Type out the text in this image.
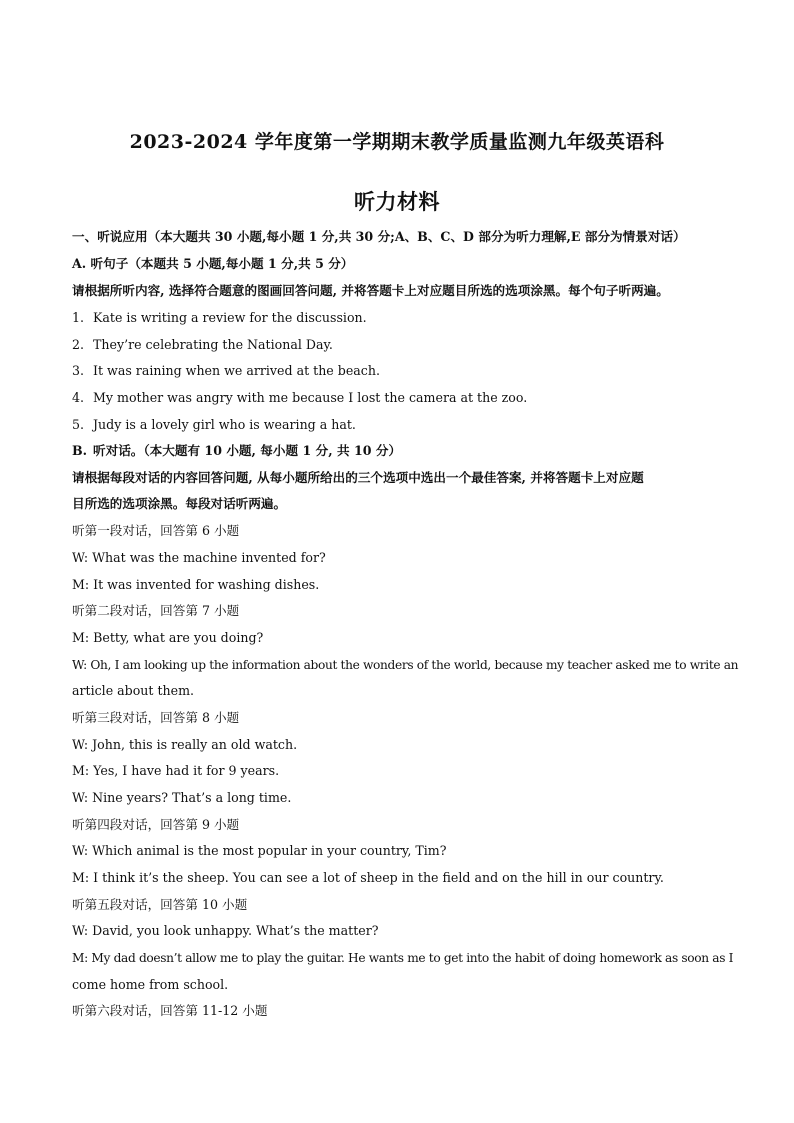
2023-2024 学年度第一学期期末教学质量监测九年级英语科
听力材料
一、听说应用（本大题共 30 小题,每小题 1 分,共 30 分;A、B、C、D 部分为听力理解,E 部分为情景对话）
A. 听句子（本题共 5 小题,每小题 1 分,共 5 分）
请根据所听内容, 选择符合题意的图画回答问题, 并将答题卡上对应题目所选的选项涂黑。每个句子听两遍。
1. Kate is writing a review for the discussion.
2. They’re celebrating the National Day.
3. It was raining when we arrived at the beach.
4. My mother was angry with me because I lost the camera at the zoo.
5. Judy is a lovely girl who is wearing a hat.
B. 听对话。（本大题有 10 小题, 每小题 1 分, 共 10 分）
请根据每段对话的内容回答问题, 从每小题所给出的三个选项中选出一个最佳答案, 并将答题卡上对应题
目所选的选项涂黑。每段对话听两遍。
听第一段对话，回答第 6 小题
W: What was the machine invented for?
M: It was invented for washing dishes.
听第二段对话，回答第 7 小题
M: Betty, what are you doing?
W: Oh, I am looking up the information about the wonders of the world, because my teacher asked me to write an
article about them.
听第三段对话，回答第 8 小题
W: John, this is really an old watch.
M: Yes, I have had it for 9 years.
W: Nine years? That’s a long time.
听第四段对话，回答第 9 小题
W: Which animal is the most popular in your country, Tim?
M: I think it’s the sheep. You can see a lot of sheep in the field and on the hill in our country.
听第五段对话，回答第 10 小题
W: David, you look unhappy. What’s the matter?
M: My dad doesn’t allow me to play the guitar. He wants me to get into the habit of doing homework as soon as I
come home from school.
听第六段对话，回答第 11-12 小题
